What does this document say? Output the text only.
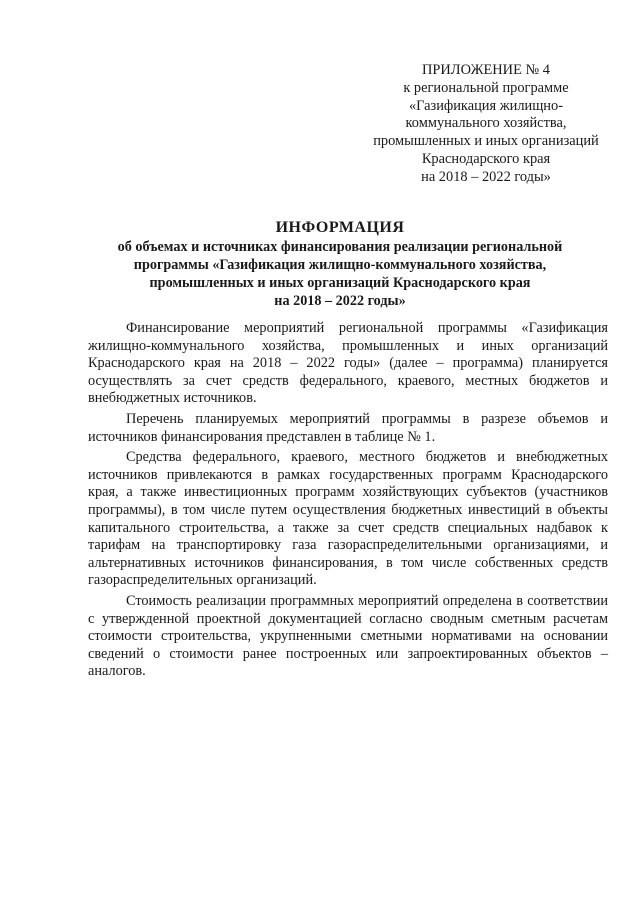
ПРИЛОЖЕНИЕ № 4
к региональной программе
«Газификация жилищно-
коммунального хозяйства,
промышленных и иных организаций
Краснодарского края
на 2018 – 2022 годы»
ИНФОРМАЦИЯ
об объемах и источниках финансирования реализации региональной
программы «Газификация жилищно-коммунального хозяйства,
промышленных и иных организаций Краснодарского края
на 2018 – 2022 годы»

Финансирование мероприятий региональной программы «Газификация жилищно-коммунального хозяйства, промышленных и иных организаций Краснодарского края на 2018 – 2022 годы» (далее – программа) планируется осуществлять за счет средств федерального, краевого, местных бюджетов и внебюджетных источников.

Перечень планируемых мероприятий программы в разрезе объемов и источников финансирования представлен в таблице № 1.

Средства федерального, краевого, местного бюджетов и внебюджетных источников привлекаются в рамках государственных программ Краснодарского края, а также инвестиционных программ хозяйствующих субъектов (участников программы), в том числе путем осуществления бюджетных инвестиций в объекты капитального строительства, а также за счет средств специальных надбавок к тарифам на транспортировку газа газораспределительными организациями, и альтернативных источников финансирования, в том числе собственных средств газораспределительных организаций.

Стоимость реализации программных мероприятий определена в соответствии с утвержденной проектной документацией согласно сводным сметным расчетам стоимости строительства, укрупненными сметными нормативами на основании сведений о стоимости ранее построенных или запроектированных объектов – аналогов.
